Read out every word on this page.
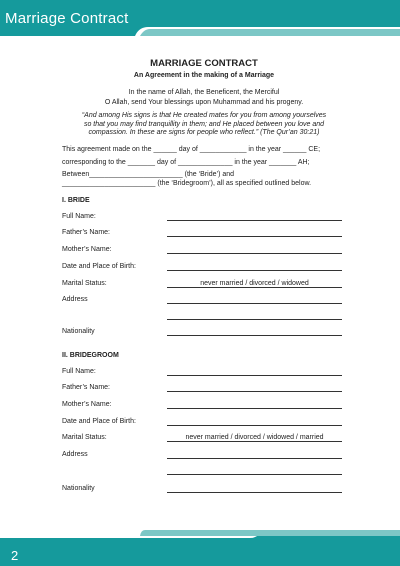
Marriage Contract
2
MARRIAGE CONTRACT
An Agreement in the making of a Marriage
In the name of Allah, the Beneficent, the Merciful
O Allah, send Your blessings upon Muhammad and his progeny.
“And among His signs is that He created mates for you from among yourselves
so that you may find tranquillity in them; and He placed between you love and
compassion. In these are signs for people who reflect.” (The Qur’an 30:21)
This agreement made on the ______ day of ____________ in the year ______ CE;
corresponding to the _______ day of ______________ in the year _______ AH;
Between________________________ (the ‘Bride’) and
________________________ (the ‘Bridegroom’), all as specified outlined below.
I. BRIDE
Full Name:
Father’s Name:
Mother’s Name:
Date and Place of Birth:
Marital Status:	never married / divorced / widowed
Address
Nationality
II. BRIDEGROOM
Full Name:
Father’s Name:
Mother’s Name:
Date and Place of Birth:
Marital Status:	never married / divorced / widowed / married
Address
Nationality
